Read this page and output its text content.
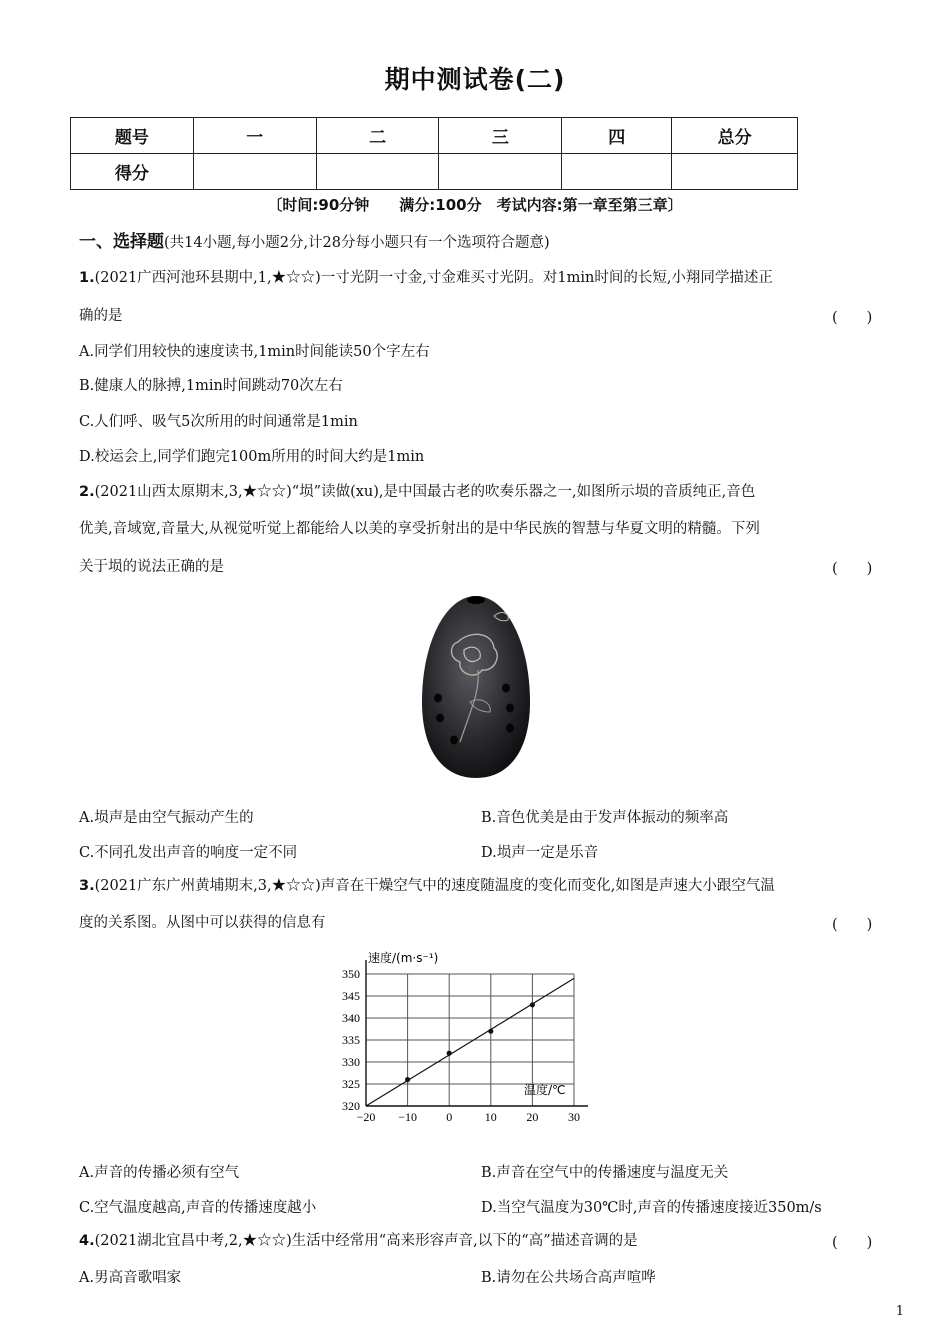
期中测试卷(二)
题号	一	二	三	四	总分
得分					
〔时间:90分钟　　满分:100分　考试内容:第一章至第三章〕
一、选择题(共14小题,每小题2分,计28分每小题只有一个选项符合题意)
1.(2021广西河池环县期中,1,★☆☆)一寸光阴一寸金,寸金难买寸光阴。对1min时间的长短,小翔同学描述正
确的是	(　　)
A.同学们用较快的速度读书,1min时间能读50个字左右
B.健康人的脉搏,1min时间跳动70次左右
C.人们呼、吸气5次所用的时间通常是1min
D.校运会上,同学们跑完100m所用的时间大约是1min
2.(2021山西太原期末,3,★☆☆)“埙”读做(xu),是中国最古老的吹奏乐器之一,如图所示埙的音质纯正,音色
优美,音域宽,音量大,从视觉听觉上都能给人以美的享受折射出的是中华民族的智慧与华夏文明的精髓。下列
关于埙的说法正确的是	(　　)
A.埙声是由空气振动产生的	B.音色优美是由于发声体振动的频率高
C.不同孔发出声音的响度一定不同	D.埙声一定是乐音
3.(2021广东广州黄埔期末,3,★☆☆)声音在干燥空气中的速度随温度的变化而变化,如图是声速大小跟空气温
度的关系图。从图中可以获得的信息有	(　　)
−20 −10 0	10 20 30
320
325
330
335
340
345
350
速度/(m·s⁻¹)
温度/℃
A.声音的传播必须有空气	B.声音在空气中的传播速度与温度无关
C.空气温度越高,声音的传播速度越小	D.当空气温度为30℃时,声音的传播速度接近350m/s
4.(2021湖北宜昌中考,2,★☆☆)生活中经常用“高来形容声音,以下的“高”描述音调的是	(　　)
A.男高音歌唱家	B.请勿在公共场合高声喧哗
1
